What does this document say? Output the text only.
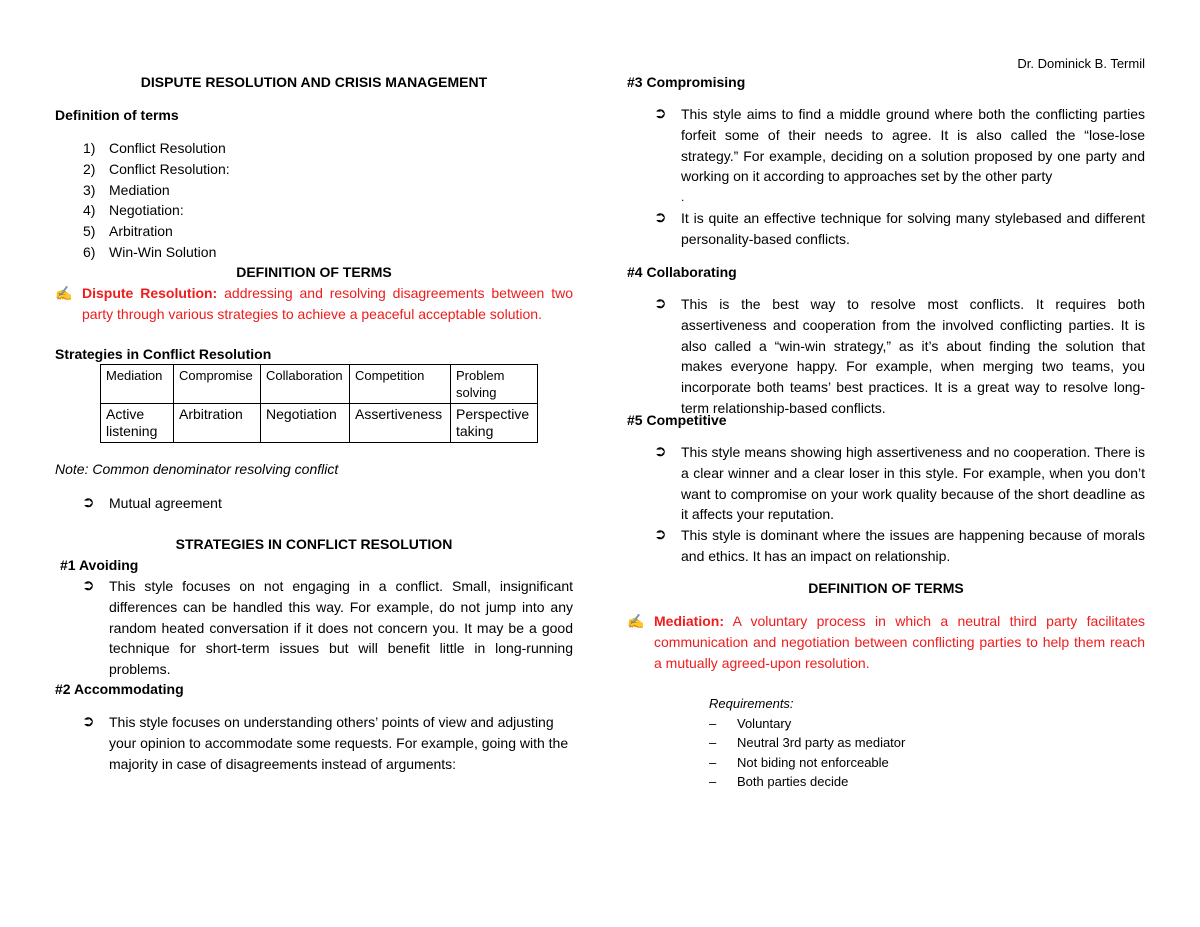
Dr. Dominick B. Termil
DISPUTE RESOLUTION AND CRISIS MANAGEMENT
Definition of terms
1) Conflict Resolution
2) Conflict Resolution:
3) Mediation
4) Negotiation:
5) Arbitration
6) Win-Win Solution
DEFINITION OF TERMS
✍ Dispute Resolution: addressing and resolving disagreements between two party through various strategies to achieve a peaceful acceptable solution.
Strategies in Conflict Resolution
Mediation	Compromise	Collaboration	Competition	Problem solving
Active listening	Arbitration	Negotiation	Assertiveness	Perspective taking
Note: Common denominator resolving conflict
➲ Mutual agreement
STRATEGIES IN CONFLICT RESOLUTION
#1 Avoiding
➲ This style focuses on not engaging in a conflict. Small, insignificant differences can be handled this way. For example, do not jump into any random heated conversation if it does not concern you. It may be a good technique for short-term issues but will benefit little in long-running problems.
#2 Accommodating
➲ This style focuses on understanding others’ points of view and adjusting your opinion to accommodate some requests. For example, going with the majority in case of disagreements instead of arguments:
#3 Compromising
➲ This style aims to find a middle ground where both the conflicting parties forfeit some of their needs to agree. It is also called the “lose-lose strategy.” For example, deciding on a solution proposed by one party and working on it according to approaches set by the other party
.
➲ It is quite an effective technique for solving many stylebased and different personality-based conflicts.
#4 Collaborating
➲ This is the best way to resolve most conflicts. It requires both assertiveness and cooperation from the involved conflicting parties. It is also called a “win-win strategy,” as it’s about finding the solution that makes everyone happy. For example, when merging two teams, you incorporate both teams’ best practices. It is a great way to resolve long-term relationship-based conflicts.
#5 Competitive
➲ This style means showing high assertiveness and no cooperation. There is a clear winner and a clear loser in this style. For example, when you don’t want to compromise on your work quality because of the short deadline as it affects your reputation.
➲ This style is dominant where the issues are happening because of morals and ethics. It has an impact on relationship.
DEFINITION OF TERMS
✍ Mediation: A voluntary process in which a neutral third party facilitates communication and negotiation between conflicting parties to help them reach a mutually agreed-upon resolution.
Requirements:
– Voluntary
– Neutral 3rd party as mediator
– Not biding not enforceable
– Both parties decide
